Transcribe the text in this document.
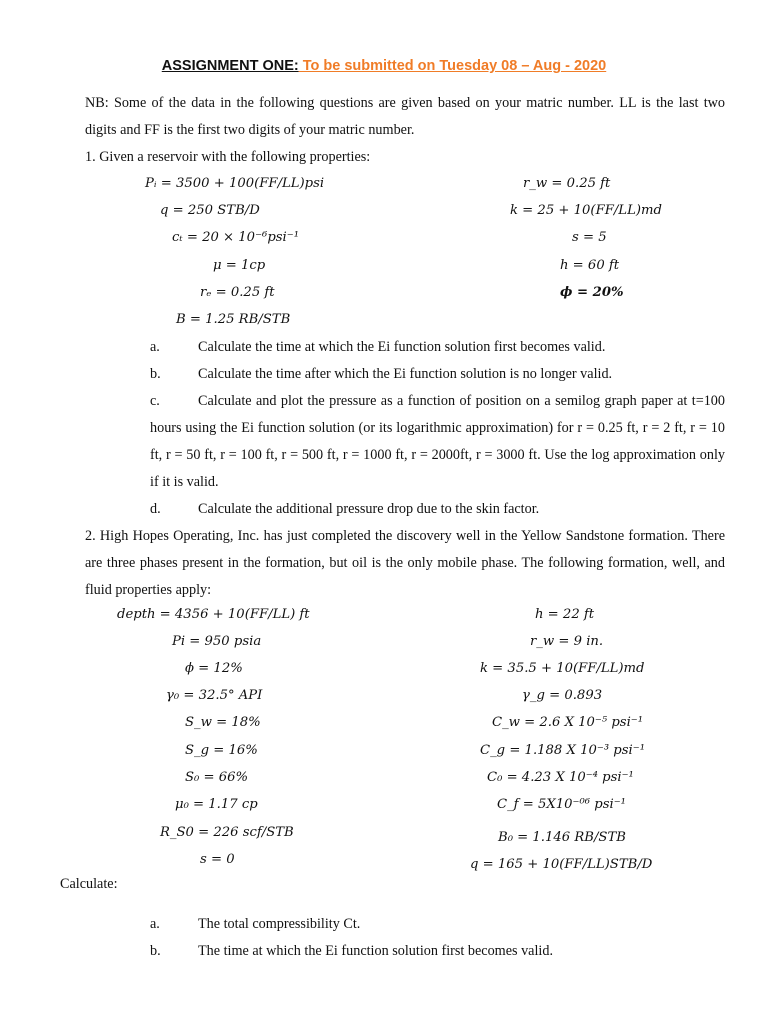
ASSIGNMENT ONE: To be submitted on Tuesday 08 – Aug - 2020
NB: Some of the data in the following questions are given based on your matric number. LL is the last two digits and FF is the first two digits of your matric number.
1. Given a reservoir with the following properties:
Pᵢ = 3500 + 100(FF/LL)psi
q = 250 STB/D
cₜ = 20 × 10⁻⁶psi⁻¹
μ = 1cp
rₑ = 0.25 ft
B = 1.25 RB/STB
r_w = 0.25 ft
k = 25 + 10(FF/LL)md
s = 5
h = 60 ft
ϕ = 20%
a.	Calculate the time at which the Ei function solution first becomes valid.
b.	Calculate the time after which the Ei function solution is no longer valid.
c.	Calculate and plot the pressure as a function of position on a semilog graph paper at t=100 hours using the Ei function solution (or its logarithmic approximation) for r = 0.25 ft, r = 2 ft, r = 10 ft, r = 50 ft, r = 100 ft, r = 500 ft, r = 1000 ft, r = 2000ft, r = 3000 ft. Use the log approximation only if it is valid.
d.	Calculate the additional pressure drop due to the skin factor.
2. High Hopes Operating, Inc. has just completed the discovery well in the Yellow Sandstone formation. There are three phases present in the formation, but oil is the only mobile phase. The following formation, well, and fluid properties apply:
depth = 4356 + 10(FF/LL) ft
Pi = 950 psia
ϕ = 12%
γ₀ = 32.5° API
S_w = 18%
S_g = 16%
S₀ = 66%
μ₀ = 1.17 cp
R_S0 = 226 scf/STB
s = 0
h = 22 ft
r_w = 9 in.
k = 35.5 + 10(FF/LL)md
γ_g = 0.893
C_w = 2.6 X 10⁻⁵ psi⁻¹
C_g = 1.188 X 10⁻³ psi⁻¹
C₀ = 4.23 X 10⁻⁴ psi⁻¹
C_f = 5X10⁻⁰⁶ psi⁻¹
B₀ = 1.146 RB/STB
q = 165 + 10(FF/LL)STB/D
Calculate:
a.	The total compressibility Ct.
b.	The time at which the Ei function solution first becomes valid.
